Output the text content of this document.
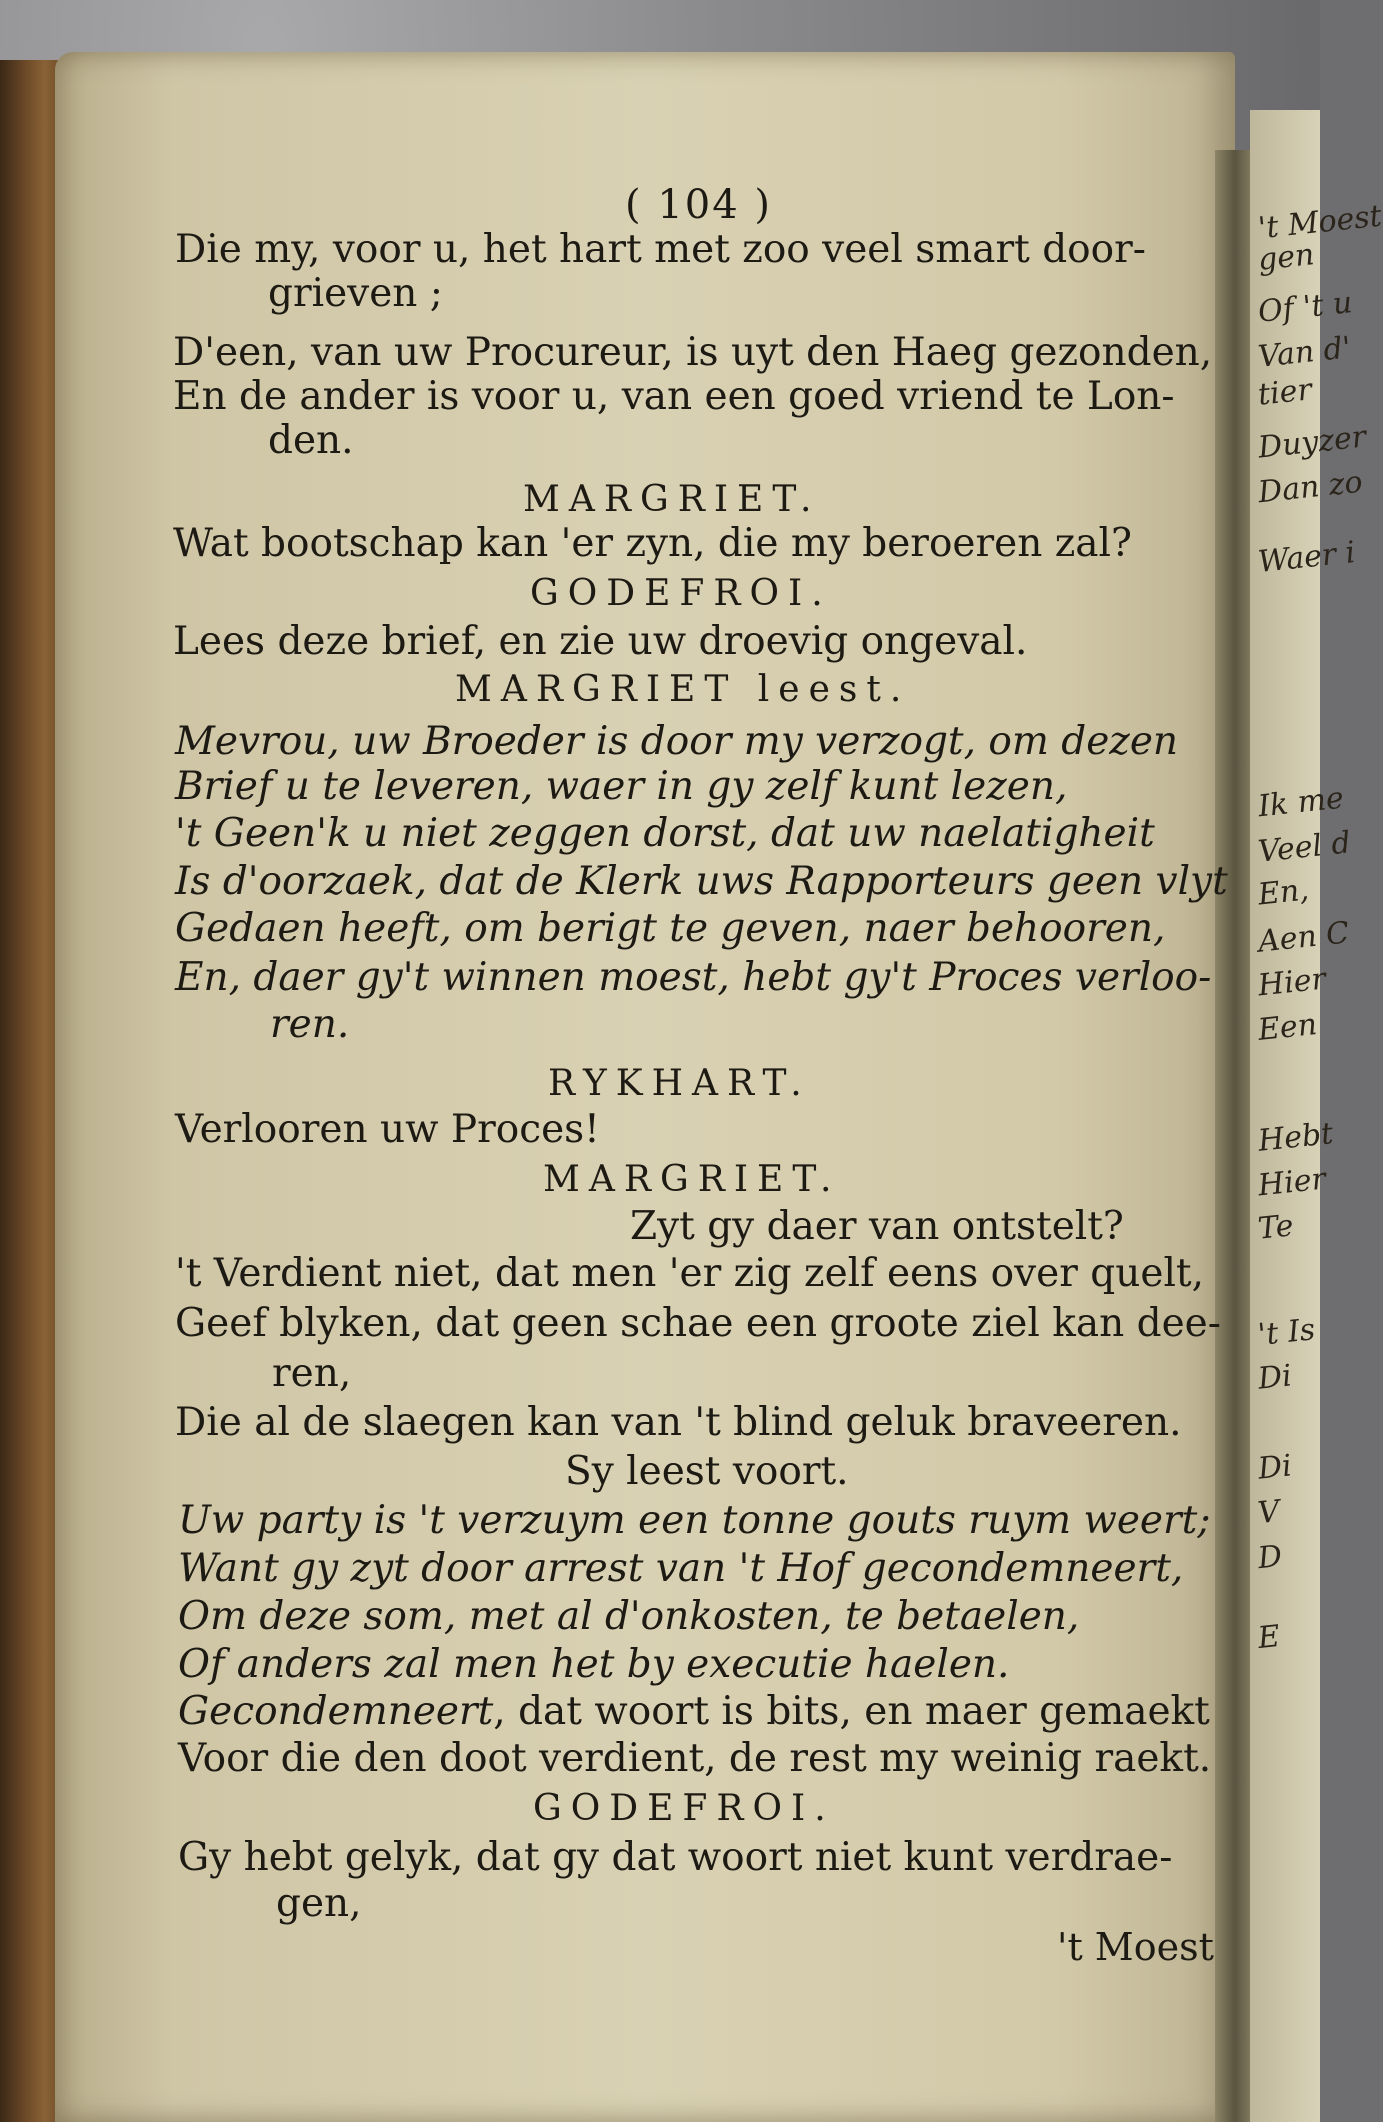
't Moest
gen
Of 't u
Van d'
tier
Duyzer
Dan zo
Waer i
Ik me
Veel d
En,
Aen C
Hier
Een
Hebt
Hier
Te
't Is
Di
Di
V
D
E
( 104 )
Die my, voor u, het hart met zoo veel smart door-
grieven ;
D'een, van uw Procureur, is uyt den Haeg gezonden,
En de ander is voor u, van een goed vriend te Lon-
den.
MARGRIET.
Wat bootschap kan 'er zyn, die my beroeren zal?
GODEFROI.
Lees deze brief, en zie uw droevig ongeval.
MARGRIET leest.
Mevrou, uw Broeder is door my verzogt, om dezen
Brief u te leveren, waer in gy zelf kunt lezen,
't Geen'k u niet zeggen dorst, dat uw naelatigheit
Is d'oorzaek, dat de Klerk uws Rapporteurs geen vlyt
Gedaen heeft, om berigt te geven, naer behooren,
En, daer gy't winnen moest, hebt gy't Proces verloo-
ren.
RYKHART.
Verlooren uw Proces!
MARGRIET.
Zyt gy daer van ontstelt?
't Verdient niet, dat men 'er zig zelf eens over quelt,
Geef blyken, dat geen schae een groote ziel kan dee-
ren,
Die al de slaegen kan van 't blind geluk braveeren.
Sy leest voort.
Uw party is 't verzuym een tonne gouts ruym weert;
Want gy zyt door arrest van 't Hof gecondemneert,
Om deze som, met al d'onkosten, te betaelen,
Of anders zal men het by executie haelen.
Gecondemneert, dat woort is bits, en maer gemaekt
Voor die den doot verdient, de rest my weinig raekt.
GODEFROI.
Gy hebt gelyk, dat gy dat woort niet kunt verdrae-
gen,
't Moest
